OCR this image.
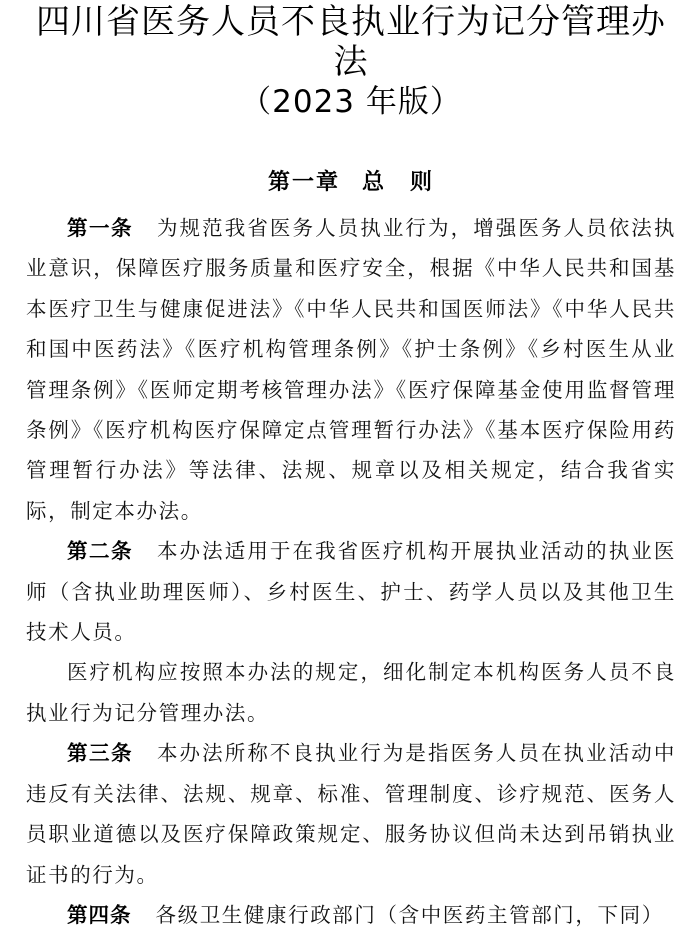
四川省医务人员不良执业行为记分管理办法
（2023 年版）
第一章 总　则

第一条 为规范我省医务人员执业行为，增强医务人员依法执业意识，保障医疗服务质量和医疗安全，根据《中华人民共和国基本医疗卫生与健康促进法》《中华人民共和国医师法》《中华人民共和国中医药法》《医疗机构管理条例》《护士条例》《乡村医生从业管理条例》《医师定期考核管理办法》《医疗保障基金使用监督管理条例》《医疗机构医疗保障定点管理暂行办法》《基本医疗保险用药管理暂行办法》等法律、法规、规章以及相关规定，结合我省实际，制定本办法。

第二条 本办法适用于在我省医疗机构开展执业活动的执业医师（含执业助理医师）、乡村医生、护士、药学人员以及其他卫生技术人员。

医疗机构应按照本办法的规定，细化制定本机构医务人员不良执业行为记分管理办法。

第三条 本办法所称不良执业行为是指医务人员在执业活动中违反有关法律、法规、规章、标准、管理制度、诊疗规范、医务人员职业道德以及医疗保障政策规定、服务协议但尚未达到吊销执业证书的行为。

第四条 各级卫生健康行政部门（含中医药主管部门，下同）
